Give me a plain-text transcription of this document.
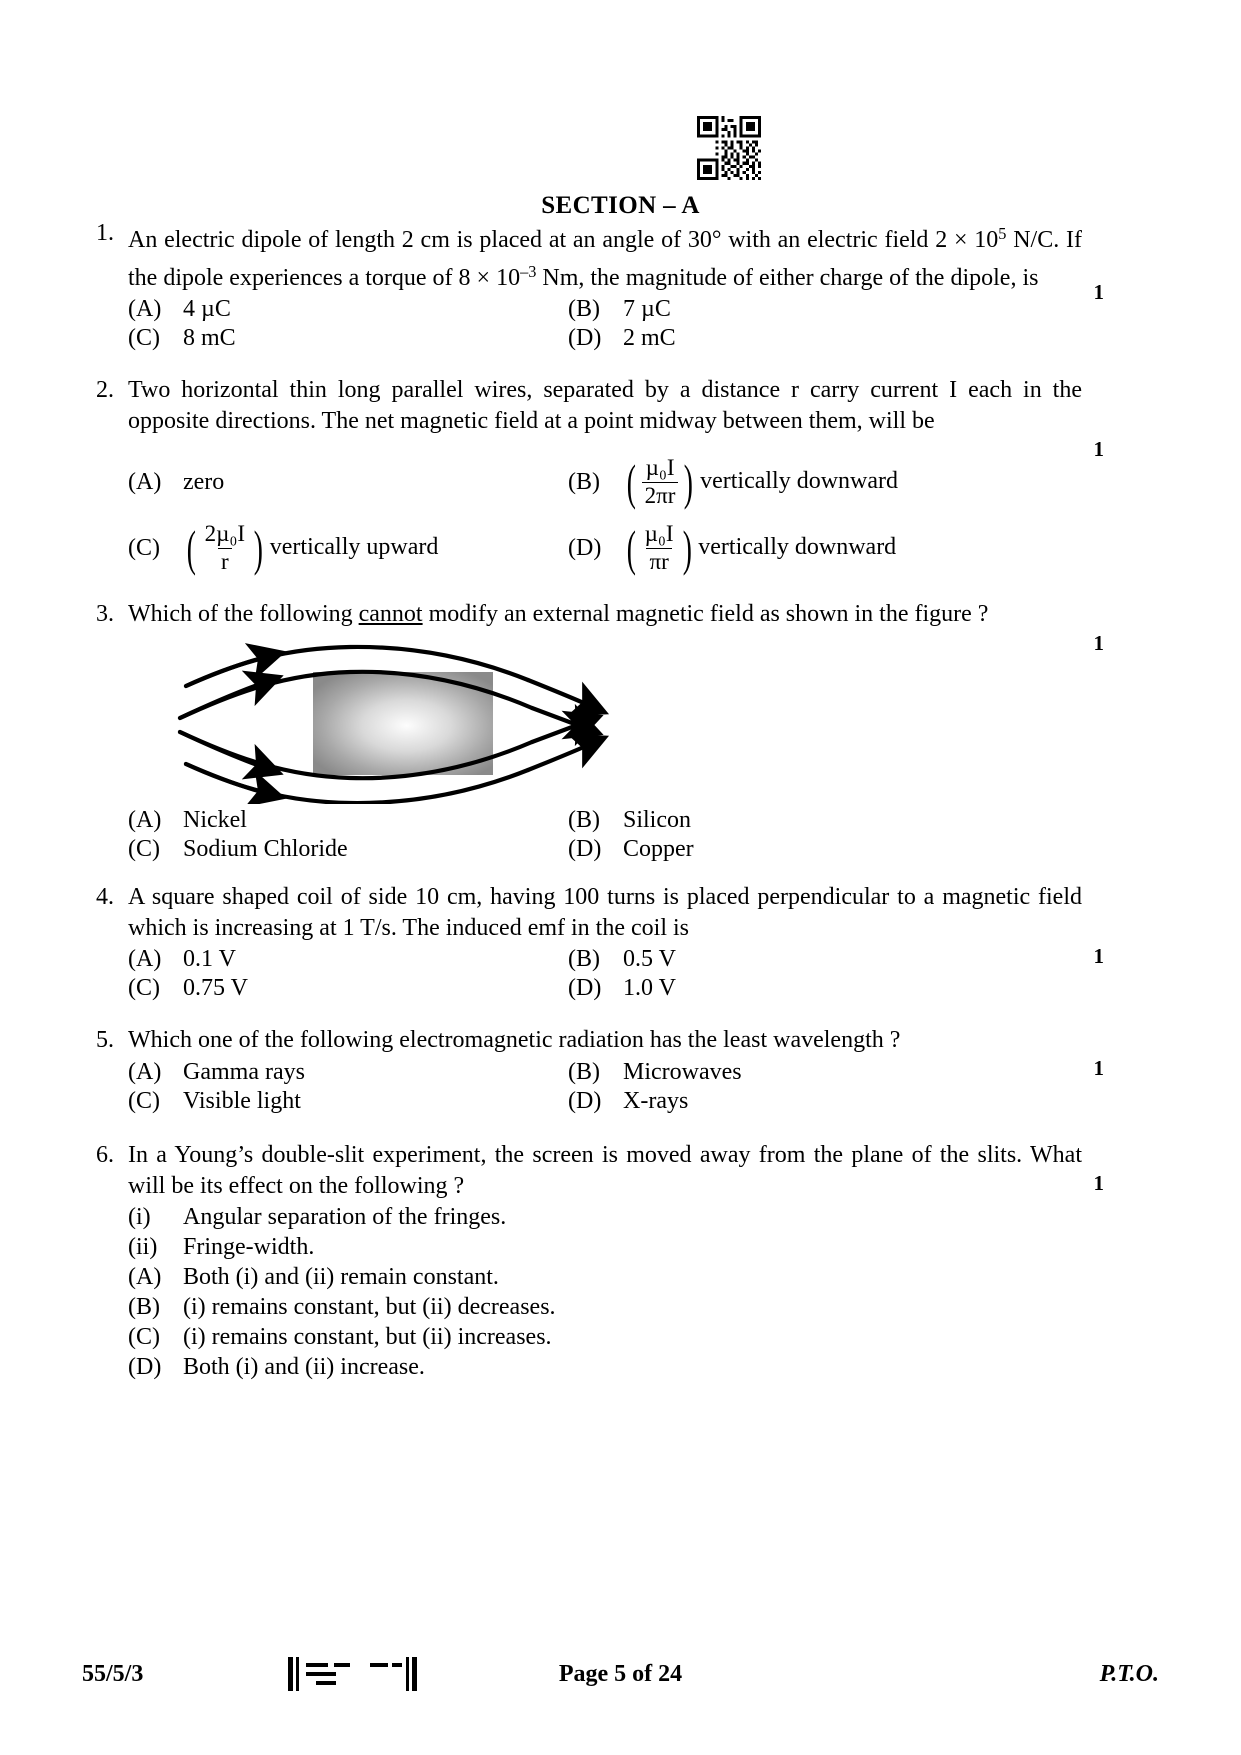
SECTION – A
1. An electric dipole of length 2 cm is placed at an angle of 30° with an electric field $2 \times 10^5$ N/C. If the dipole experiences a torque of $8 \times 10^{-3}$ Nm, the magnitude of either charge of the dipole, is
1
(A) 4 µC	(B) 7 µC
(C) 8 mC	(D) 2 mC
2. Two horizontal thin long parallel wires, separated by a distance r carry current I each in the opposite directions. The net magnetic field at a point midway between them, will be
1
(A) zero	(B) ( $\frac{\text{µ₀I}}{2\pi r}$ ) vertically downward
(C) ( $\frac{\text{2µ₀I}}{r}$ ) vertically upward	(D) ( $\frac{\text{µ₀I}}{\pi r}$ ) vertically downward
3. Which of the following cannot modify an external magnetic field as shown in the figure ?
1
(A) Nickel	(B) Silicon
(C) Sodium Chloride	(D) Copper
4. A square shaped coil of side 10 cm, having 100 turns is placed perpendicular to a magnetic field which is increasing at 1 T/s. The induced emf in the coil is
1
(A) 0.1 V	(B) 0.5 V
(C) 0.75 V	(D) 1.0 V
5. Which one of the following electromagnetic radiation has the least wavelength ?
1
(A) Gamma rays	(B) Microwaves
(C) Visible light	(D) X-rays
6. In a Young’s double-slit experiment, the screen is moved away from the plane of the slits. What will be its effect on the following ?	1
(i)	Angular separation of the fringes.
(ii)	Fringe-width.
(A) Both (i) and (ii) remain constant.
(B) (i) remains constant, but (ii) decreases.
(C) (i) remains constant, but (ii) increases.
(D) Both (i) and (ii) increase.
55/5/3	Page 5 of 24	P.T.O.
